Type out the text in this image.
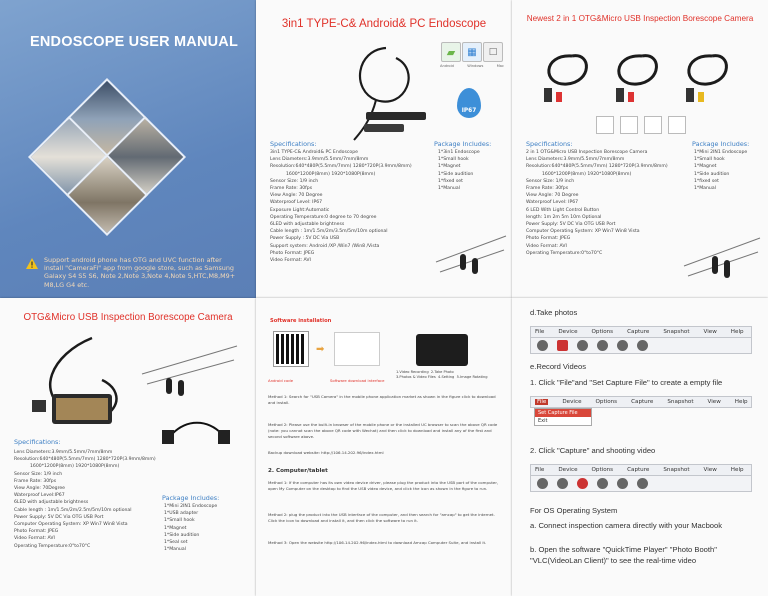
ENDOSCOPE USER MANUAL
Support android phone has OTG and UVC function after install "CameraFi" app from google store, such as Samsung Galaxy S4 S5 S6, Note 2,Note 3,Note 4,Note 5,HTC,M8,M9+ M8,LG G4 etc.
3in1 TYPE-C& Android& PC Endoscope
▰ ▦ □
Android	Windows	Mac
IP67
Specifications:
3in1 TYPE-C& Android& PC Endoscope
Lens Diameters:3.9mm/5.5mm/7mm/8mm
Resolution:640*480P(5.5mm/7mm) 1280*720P(3.9mm/8mm)
1600*1200P(8mm) 1920*1080P(8mm)
Sensor Size: 1/9 inch
Frame Rate: 30fps
View Angle: 70 Degree
Waterproof Level: IP67
Exposure Light:Automatic
Operating Temperature:0 degree to 70 degree
6LED with adjustable brightness
Cable length : 1m/1.5m/2m/3.5m/5m/10m optional
Power Supply : 5V DC Via USB
Support system: Android /XP /Win7 /Win8 /Vista
Photo Format: JPEG
Video Format: AVI
Package Includes:
1*3in1 Endoscope
1*Small hook
1*Magnet
1*Side audition
1*fixed set
1*Manual
Newest 2 in 1 OTG&Micro USB Inspection Borescope Camera
Specifications:
2 in 1 OTG&Micro USB Inspection Borescope Camera
Lens Diameters:3.9mm/5.5mm/7mm/8mm
Resolution:640*480P(5.5mm/7mm) 1280*720P(3.9mm/8mm)
1600*1200P(8mm) 1920*1080P(8mm)
Sensor Size: 1/9 inch
Frame Rate: 30fps
View Angle: 70 Degree
Waterproof Level: IP67
6 LED With Light Control Button
length: 1m 2m 5m 10m Optional
Power Supply: 5V DC Via OTG USB Port
Computer Operating System: XP Win7 Win8 Vista
Photo Format: JPEG
Video Format: AVI
Operating Temperature:0°to70°C
Package Includes:
1*Mini 2IN1 Endoscope
1*Small hook
1*Magnet
1*Side audition
1*fixed set
1*Manual
OTG&Micro USB Inspection Borescope Camera
Specifications:
Lens Diameters:3.9mm/5.5mm/7mm/8mm
Resolution:640*480P(5.5mm/7mm) 1280*720P(3.9mm/8mm)
1600*1200P(8mm) 1920*1080P(8mm)
Sensor Size: 1/9 inch
Frame Rate: 30fps
View Angle: 70Degree
Waterproof Level:IP67
6LED with adjustable brightness
Cable length : 1m/1.5m/2m/2.5m/5m/10m optional
Power Supply: 5V DC Via OTG USB Port
Computer Operating System: XP Win7 Win8 Vista
Photo Format: JPEG
Video Format: AVI
Operating Temperature:0°to70°C
Package Includes:
1*Mini 2IN1 Endoscope
1*USB adapter
1*Small hook
1*Magnet
1*Side audition
1*Seal set
1*Manual
Software installation
➡
Android code	Software download interface
1.Video Recording 2.Take Photo
3.Photos & Video Files 4.Setting 5.Image Rotating
Method 1: Search for "USB Camera" in the mobile phone application market as shown in the figure click to download and install.
Method 2: Please use the built-in browser of the mobile phone or the installed UC browser to scan the above QR code (note: you cannot scan the above QR code with Wechat) and then click to download and install any of the first and second software above.
Backup download website: http://106.14.202.96/index.html
2. Computer/tablet
Method 1: If the computer has its own video device driver, please plug the product into the USB port of the computer, open My Computer on the desktop to find the USB video device, and click the icon as shown in the figure to run.
Method 2: plug the product into the USB interface of the computer, and then search for "amcap" to get the internet. Click the icon to download and install it, and then click the software to run it.
Method 3: Open the website http://106.14.202.96/index.html to download Amcap Computer Suite, and install it.
d.Take photos
File	Device	Options	Capture	Snapshot	View	Help
e.Record Videos
1. Click "File"and "Set Capture File" to create a empty file
File	Device	Options	Capture	Snapshot	View	Help
Set Capture File
Exit
2. Click "Capture" and shooting video
File	Device	Options	Capture	Snapshot	View	Help
For OS Operating System
a. Connect inspection camera directly with your Macbook
b. Open the software "QuickTime Player" "Photo Booth" "VLC(VideoLan Client)" to see the real-time video
